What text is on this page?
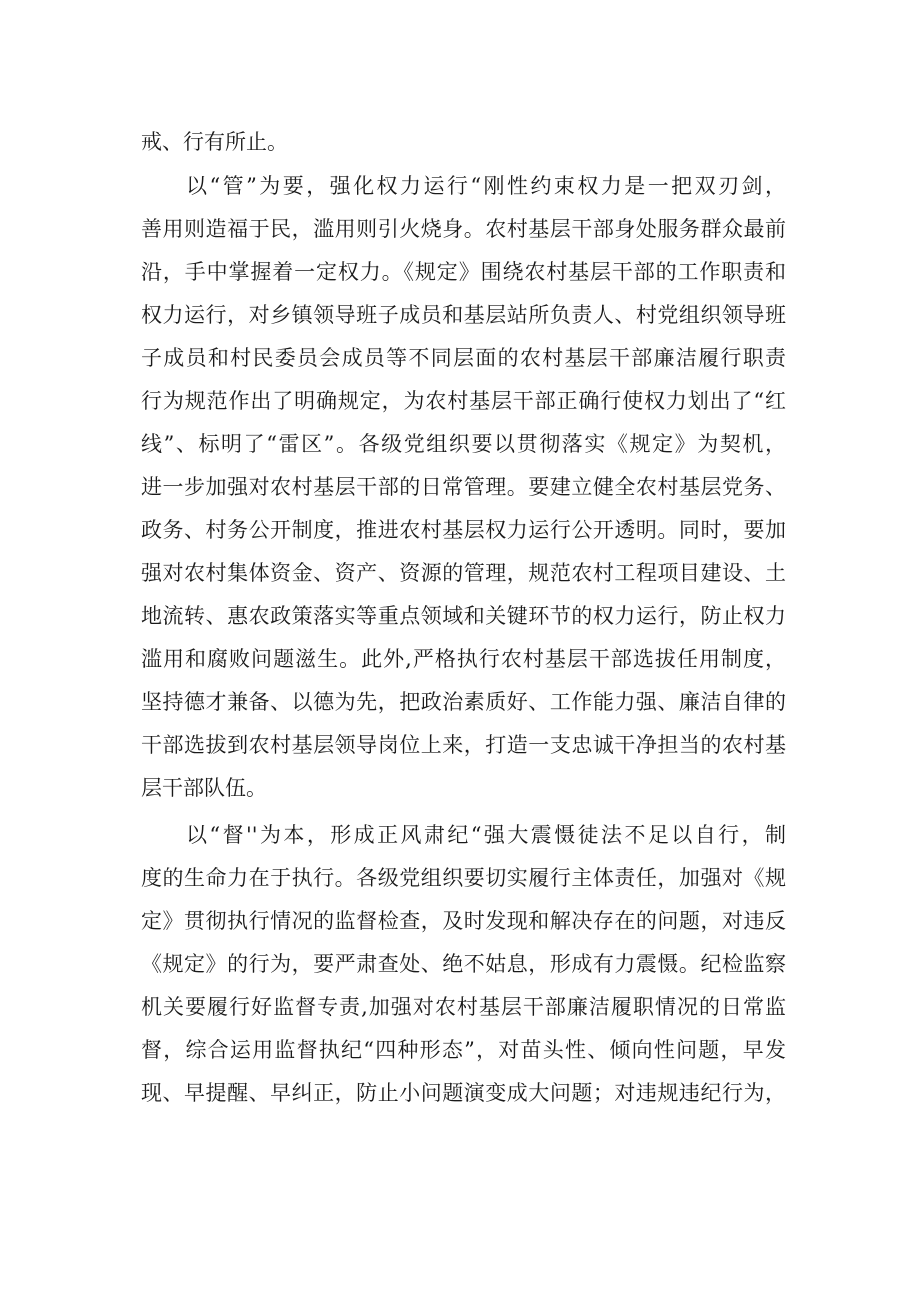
戒、行有所止。
以“管”为要，强化权力运行“刚性约束权力是一把双刃剑，
善用则造福于民，滥用则引火烧身。农村基层干部身处服务群众最前
沿，手中掌握着一定权力。《规定》围绕农村基层干部的工作职责和
权力运行，对乡镇领导班子成员和基层站所负责人、村党组织领导班
子成员和村民委员会成员等不同层面的农村基层干部廉洁履行职责
行为规范作出了明确规定，为农村基层干部正确行使权力划出了“红
线”、标明了“雷区”。各级党组织要以贯彻落实《规定》为契机，
进一步加强对农村基层干部的日常管理。要建立健全农村基层党务、
政务、村务公开制度，推进农村基层权力运行公开透明。同时，要加
强对农村集体资金、资产、资源的管理，规范农村工程项目建设、土
地流转、惠农政策落实等重点领域和关键环节的权力运行，防止权力
滥用和腐败问题滋生。此外,严格执行农村基层干部选拔任用制度，
坚持德才兼备、以德为先，把政治素质好、工作能力强、廉洁自律的
干部选拔到农村基层领导岗位上来，打造一支忠诚干净担当的农村基
层干部队伍。
以“督''为本，形成正风肃纪“强大震慑徒法不足以自行，制
度的生命力在于执行。各级党组织要切实履行主体责任，加强对《规
定》贯彻执行情况的监督检查，及时发现和解决存在的问题，对违反
《规定》的行为，要严肃查处、绝不姑息，形成有力震慑。纪检监察
机关要履行好监督专责,加强对农村基层干部廉洁履职情况的日常监
督，综合运用监督执纪“四种形态”，对苗头性、倾向性问题，早发
现、早提醒、早纠正，防止小问题演变成大问题；对违规违纪行为，
